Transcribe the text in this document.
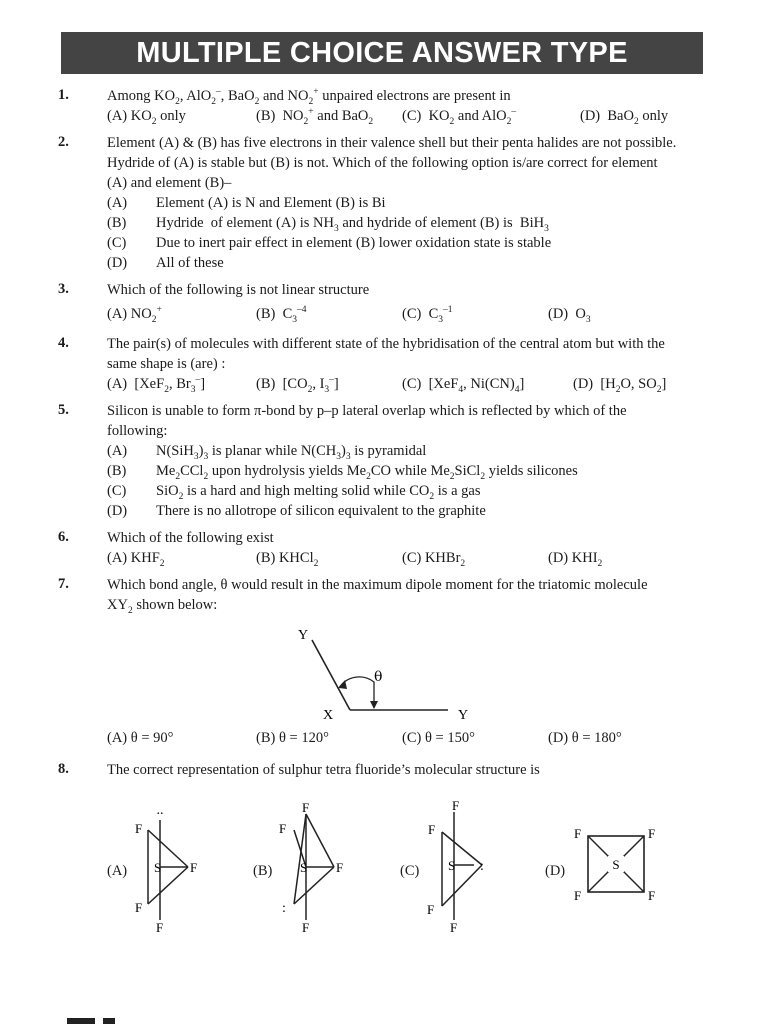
MULTIPLE CHOICE ANSWER TYPE
1.	Among $KO_2$, AlO$_2$–, BaO$_2$ and $NO_2^+$ unpaired electrons are present in
(A) $KO_2$ only	(B)  $NO_2^+$ and BaO$_2$ (C)  $KO_2$ and AlO$_2$–	(D)  BaO$_2$ only
2.	Element (A) & (B) has five electrons in their valence shell but their penta halides are not possible.
Hydride of (A) is stable but (B) is not. Which of the following option is/are correct for element
(A) and element (B)–
(A) Element (A) is N and Element (B) is Bi
(B) Hydride  of element (A) is $NH_3$ and hydride of element (B) is  BiH$_3$
(C) Due to inert pair effect in element (B) lower oxidation state is stable
(D) All of these
3.	Which of the following is not linear structure
(A) $NO_2^+$	(B)  $C_3^{-4}$	(C)  $C_3^{-1}$	(D)  $O_3$
4.	The pair(s) of molecules with different state of the hybridisation of the central atom but with the
same shape is (are) :
(A)  [XeF$_2$, $Br_3^-$]	(B)  [$CO_2$, $I_3^-$]	(C)  [XeF$_4$, $Ni(CN)_4$]	(D)  [$H_2O$, $SO_2$]
5.	Silicon is unable to form π-bond by p–p lateral overlap which is reflected by which of the
following:
(A) $N(SiH_3)_3$ is planar while $N(CH_3)_3$ is pyramidal
(B) $Me_2CCl_2$ upon hydrolysis yields $Me_2CO$ while $Me_2SiCl_2$ yields silicones
(C) SiO$_2$ is a hard and high melting solid while $CO_2$ is a gas
(D) There is no allotrope of silicon equivalent to the graphite
6.	Which of the following exist
(A) $KHF_2$	(B) KHCl$_2$	(C) KHBr$_2$	(D) $KHI_2$
7.	Which bond angle, θ would result in the maximum dipole moment for the triatomic molecule
$XY_2$ shown below:
Y
X	Y
θ
(A) θ = 90°	(B) θ = 120°	(C) θ = 150°	(D) θ = 180°
8.	The correct representation of sulphur tetra fluoride’s molecular structure is
(A)	(B)	(C)	(D)
..
S
F
F
F
F
F
F
S F
:
F
F
F
S :
F
F
S
F	F
F	F
